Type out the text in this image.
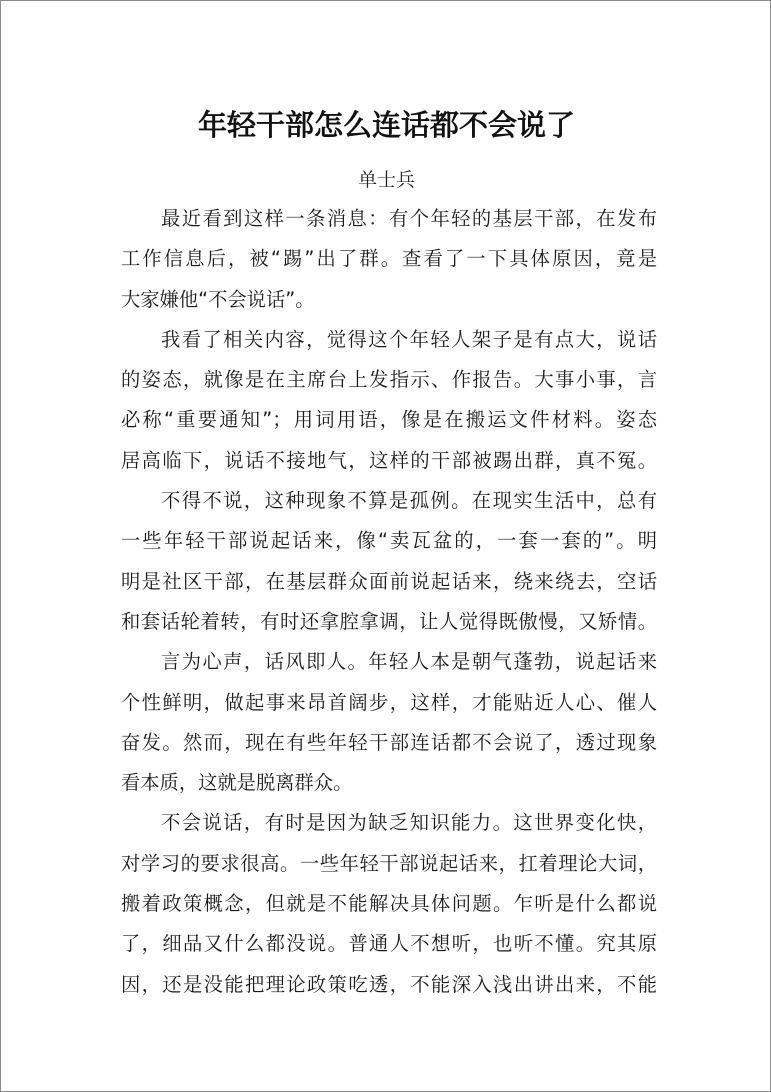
年轻干部怎么连话都不会说了
单士兵
最近看到这样一条消息：有个年轻的基层干部，在发布
工作信息后，被“踢”出了群。查看了一下具体原因，竟是
大家嫌他“不会说话”。
我看了相关内容，觉得这个年轻人架子是有点大，说话
的姿态，就像是在主席台上发指示、作报告。大事小事，言
必称“重要通知”；用词用语，像是在搬运文件材料。姿态
居高临下，说话不接地气，这样的干部被踢出群，真不冤。
不得不说，这种现象不算是孤例。在现实生活中，总有
一些年轻干部说起话来，像“卖瓦盆的，一套一套的”。明
明是社区干部，在基层群众面前说起话来，绕来绕去，空话
和套话轮着转，有时还拿腔拿调，让人觉得既傲慢，又矫情。
言为心声，话风即人。年轻人本是朝气蓬勃，说起话来
个性鲜明，做起事来昂首阔步，这样，才能贴近人心、催人
奋发。然而，现在有些年轻干部连话都不会说了，透过现象
看本质，这就是脱离群众。
不会说话，有时是因为缺乏知识能力。这世界变化快，
对学习的要求很高。一些年轻干部说起话来，扛着理论大词，
搬着政策概念，但就是不能解决具体问题。乍听是什么都说
了，细品又什么都没说。普通人不想听，也听不懂。究其原
因，还是没能把理论政策吃透，不能深入浅出讲出来，不能
